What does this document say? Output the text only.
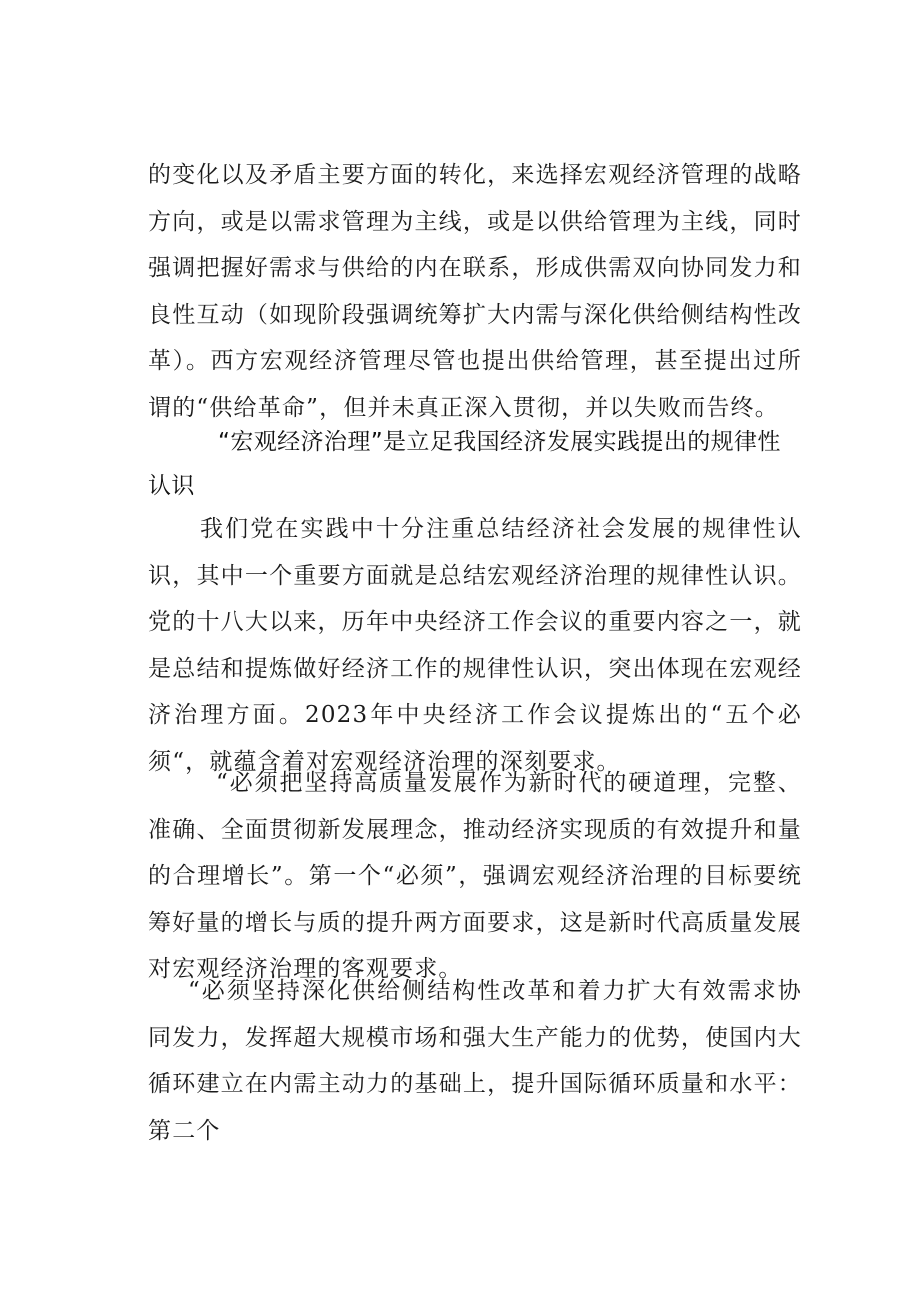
的变化以及矛盾主要方面的转化，来选择宏观经济管理的战略方向，或是以需求管理为主线，或是以供给管理为主线，同时强调把握好需求与供给的内在联系，形成供需双向协同发力和良性互动（如现阶段强调统筹扩大内需与深化供给侧结构性改革）。西方宏观经济管理尽管也提出供给管理，甚至提出过所谓的“供给革命”，但并未真正深入贯彻，并以失败而告终。
“宏观经济治理”是立足我国经济发展实践提出的规律性认识
我们党在实践中十分注重总结经济社会发展的规律性认识，其中一个重要方面就是总结宏观经济治理的规律性认识。党的十八大以来，历年中央经济工作会议的重要内容之一，就是总结和提炼做好经济工作的规律性认识，突出体现在宏观经济治理方面。2023年中央经济工作会议提炼出的“五个必须“，就蕴含着对宏观经济治理的深刻要求。
“必须把坚持高质量发展作为新时代的硬道理，完整、准确、全面贯彻新发展理念，推动经济实现质的有效提升和量的合理增长”。第一个“必须”，强调宏观经济治理的目标要统筹好量的增长与质的提升两方面要求，这是新时代高质量发展对宏观经济治理的客观要求。
“必须坚持深化供给侧结构性改革和着力扩大有效需求协同发力，发挥超大规模市场和强大生产能力的优势，使国内大循环建立在内需主动力的基础上，提升国际循环质量和水平：第二个
